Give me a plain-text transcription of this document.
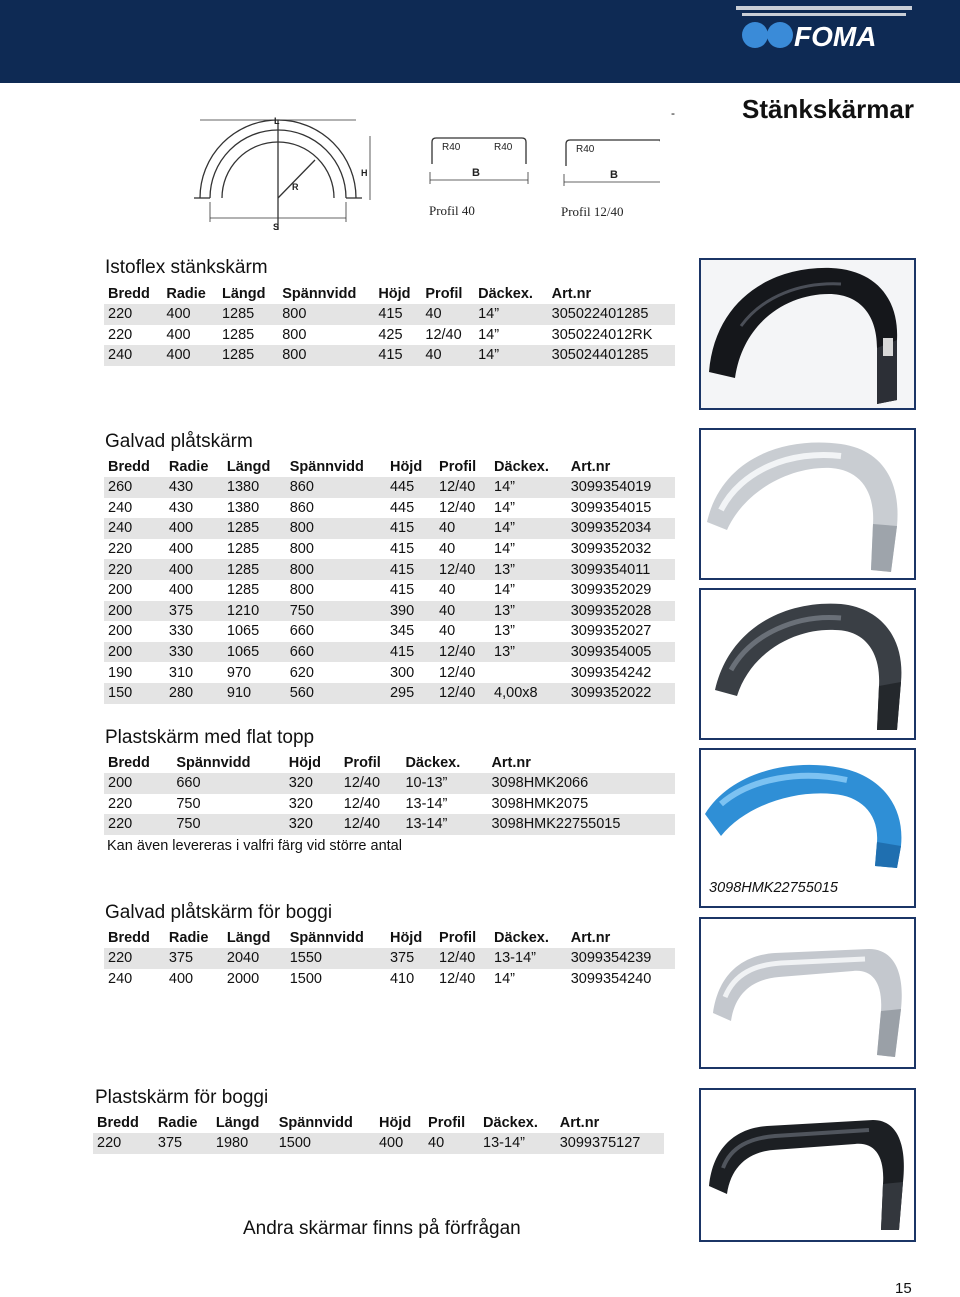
FOMA
-	Stänkskärmar
L
H
R
S
R40	R40
B
Profil 40
R40
B
Profil 12/40
Istoflex stänkskärm
Bredd	Radie	Längd	Spännvidd	Höjd	Profil	Däckex.	Art.nr
220	400	1285	800	415	40	14”	305022401285
220	400	1285	800	425	12/40	14”	3050224012RK
240	400	1285	800	415	40	14”	305024401285
Galvad plåtskärm
Bredd	Radie	Längd	Spännvidd	Höjd	Profil	Däckex.	Art.nr
260	430	1380	860	445	12/40	14”	3099354019
240	430	1380	860	445	12/40	14”	3099354015
240	400	1285	800	415	40	14”	3099352034
220	400	1285	800	415	40	14”	3099352032
220	400	1285	800	415	12/40	13”	3099354011
200	400	1285	800	415	40	14”	3099352029
200	375	1210	750	390	40	13”	3099352028
200	330	1065	660	345	40	13”	3099352027
200	330	1065	660	415	12/40	13”	3099354005
190	310	970	620	300	12/40		3099354242
150	280	910	560	295	12/40	4,00x8	3099352022
Plastskärm med flat topp
Bredd	Spännvidd	Höjd	Profil	Däckex.	Art.nr
200	660	320	12/40	10-13”	3098HMK2066
220	750	320	12/40	13-14”	3098HMK2075
220	750	320	12/40	13-14”	3098HMK22755015
Kan även levereras i valfri färg vid större antal
Galvad plåtskärm för boggi
Bredd	Radie	Längd	Spännvidd	Höjd	Profil	Däckex.	Art.nr
220	375	2040	1550	375	12/40	13-14”	3099354239
240	400	2000	1500	410	12/40	14”	3099354240
Plastskärm för boggi
Bredd	Radie	Längd	Spännvidd	Höjd	Profil	Däckex.	Art.nr
220	375	1980	1500	400	40	13-14”	3099375127
3098HMK22755015
Andra skärmar finns på förfrågan
15
